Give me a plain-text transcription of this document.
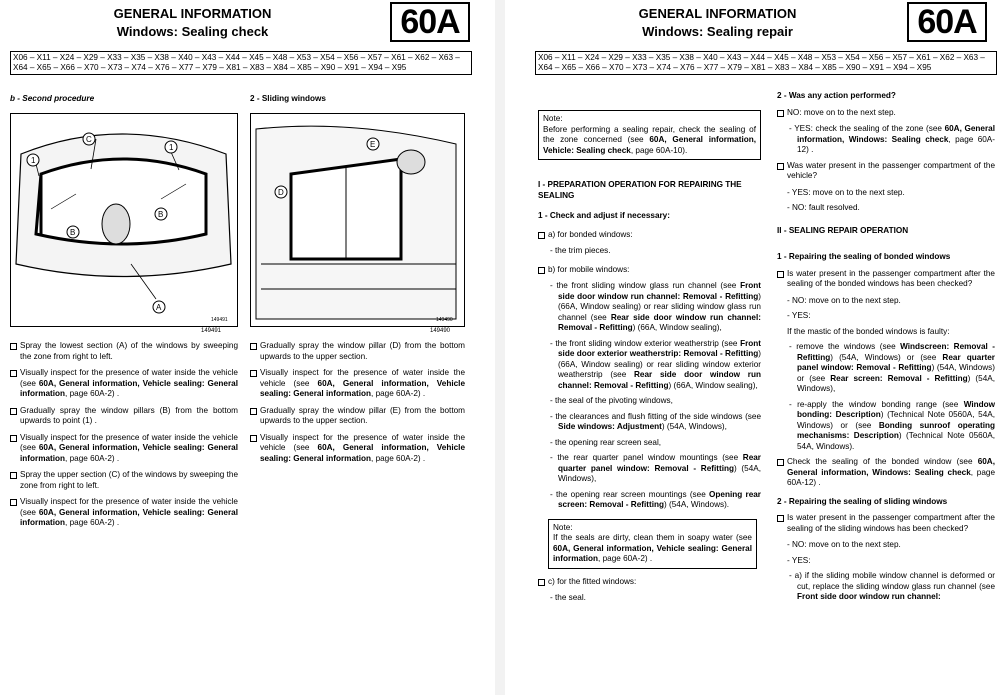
GENERAL INFORMATION
Windows: Sealing check	60A
X06 – X11 – X24 – X29 – X33 – X35 – X38 – X40 – X43 – X44 – X45 – X48 – X53 – X54 – X56 – X57 – X61 – X62 – X63 – X64 – X65 – X66 – X70 – X73 – X74 – X76 – X77 – X79 – X81 – X83 – X84 – X85 – X90 – X91 – X94 – X95
b - Second procedure
C
1
1
B
B
A
149491
149491
Spray the lowest section (A) of the windows by sweeping the zone from right to left.
Visually inspect for the presence of water inside the vehicle (see 60A, General information, Vehicle sealing: General information, page 60A-2) .
Gradually spray the window pillars (B) from the bottom upwards to point (1) .
Visually inspect for the presence of water inside the vehicle (see 60A, General information, Vehicle sealing: General information, page 60A-2) .
Spray the upper section (C) of the windows by sweeping the zone from right to left.
Visually inspect for the presence of water inside the vehicle (see 60A, General information, Vehicle sealing: General information, page 60A-2) .
2 - Sliding windows
E
D
149490
149490
Gradually spray the window pillar (D) from the bottom upwards to the upper section.
Visually inspect for the presence of water inside the vehicle (see 60A, General information, Vehicle sealing: General information, page 60A-2) .
Gradually spray the window pillar (E) from the bottom upwards to the upper section.
Visually inspect for the presence of water inside the vehicle (see 60A, General information, Vehicle sealing: General information, page 60A-2) .
GENERAL INFORMATION
Windows: Sealing repair	60A
X06 – X11 – X24 – X29 – X33 – X35 – X38 – X40 – X43 – X44 – X45 – X48 – X53 – X54 – X56 – X57 – X61 – X62 – X63 – X64 – X65 – X66 – X70 – X73 – X74 – X76 – X77 – X79 – X81 – X83 – X84 – X85 – X90 – X91 – X94 – X95
Note:
Before performing a sealing repair, check the sealing of the zone concerned (see 60A, General information, Vehicle: Sealing check, page 60A-10).
I - PREPARATION OPERATION FOR REPAIRING THE SEALING
1 - Check and adjust if necessary:
a) for bonded windows:
- the trim pieces.
b) for mobile windows:
- the front sliding window glass run channel (see Front side door window run channel: Removal - Refitting) (66A, Window sealing) or rear sliding window glass run channel (see Rear side door window run channel: Removal - Refitting) (66A, Window sealing),
- the front sliding window exterior weatherstrip (see Front side door exterior weatherstrip: Removal - Refitting) (66A, Window sealing) or rear sliding window exterior weatherstrip (see Rear side door window run channel: Removal - Refitting) (66A, Window sealing),
- the seal of the pivoting windows,
- the clearances and flush fitting of the side windows (see Side windows: Adjustment) (54A, Windows),
- the opening rear screen seal,
- the rear quarter panel window mountings (see Rear quarter panel window: Removal - Refitting) (54A, Windows),
- the opening rear screen mountings (see Opening rear screen: Removal - Refitting) (54A, Windows).
Note:
If the seals are dirty, clean them in soapy water (see 60A, General information, Vehicle sealing: General information, page 60A-2) .
c) for the fitted windows:
- the seal.
2 - Was any action performed?
NO: move on to the next step.
- YES: check the sealing of the zone (see 60A, General information, Windows: Sealing check, page 60A-12) .
Was water present in the passenger compartment of the vehicle?
- YES: move on to the next step.
- NO: fault resolved.
II - SEALING REPAIR OPERATION
1 - Repairing the sealing of bonded windows
Is water present in the passenger compartment after the sealing of the bonded windows has been checked?
- NO: move on to the next step.
- YES:
If the mastic of the bonded windows is faulty:
- remove the windows (see Windscreen: Removal - Refitting) (54A, Windows) or (see Rear quarter panel window: Removal - Refitting) (54A, Windows) or (see Rear screen: Removal - Refitting) (54A, Windows),
- re-apply the window bonding range (see Window bonding: Description) (Technical Note 0560A, 54A, Windows) or (see Bonding sunroof operating mechanisms: Description) (Technical Note 0560A, 54A, Windows).
Check the sealing of the bonded window (see 60A, General information, Windows: Sealing check, page 60A-12) .
2 - Repairing the sealing of sliding windows
Is water present in the passenger compartment after the sealing of the sliding windows has been checked?
- NO: move on to the next step.
- YES:
- a) if the sliding mobile window channel is deformed or cut, replace the sliding window glass run channel (see Front side door window run channel:
